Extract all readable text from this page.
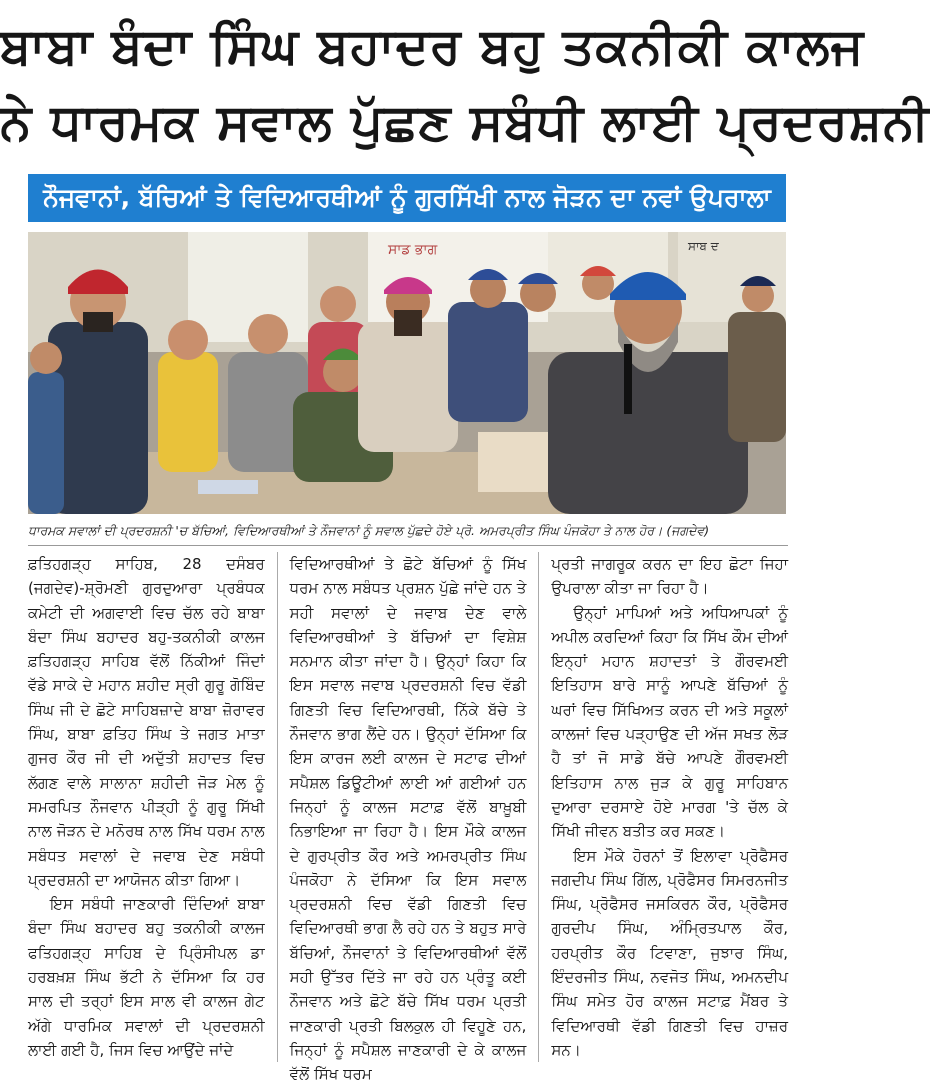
ਬਾਬਾ ਬੰਦਾ ਸਿੰਘ ਬਹਾਦਰ ਬਹੁ ਤਕਨੀਕੀ ਕਾਲਜ
ਨੇ ਧਾਰਮਕ ਸਵਾਲ ਪੁੱਛਣ ਸਬੰਧੀ ਲਾਈ ਪ੍ਰਦਰਸ਼ਨੀ
ਨੌਜਵਾਨਾਂ, ਬੱਚਿਆਂ ਤੇ ਵਿਦਿਆਰਥੀਆਂ ਨੂੰ ਗੁਰਸਿੱਖੀ ਨਾਲ ਜੋੜਨ ਦਾ ਨਵਾਂ ਉਪਰਾਲਾ
ਸਾਡ ਭਾਗ	ਸਾਬ ਦ
ਧਾਰਮਕ ਸਵਾਲਾਂ ਦੀ ਪ੍ਰਦਰਸ਼ਨੀ 'ਚ ਬੱਚਿਆਂ, ਵਿਦਿਆਰਥੀਆਂ ਤੇ ਨੌਜਵਾਨਾਂ ਨੂੰ ਸਵਾਲ ਪੁੱਛਦੇ ਹੋਏ ਪ੍ਰੋ. ਅਮਰਪ੍ਰੀਤ ਸਿੰਘ ਪੰਜਕੋਹਾ ਤੇ ਨਾਲ ਹੋਰ। (ਜਗਦੇਵ)

ਫ਼ਤਿਹਗੜ੍ਹ ਸਾਹਿਬ, 28 ਦਸੰਬਰ (ਜਗਦੇਵ)-ਸ਼੍ਰੋਮਣੀ ਗੁਰਦੁਆਰਾ ਪ੍ਰਬੰਧਕ ਕਮੇਟੀ ਦੀ ਅਗਵਾਈ ਵਿਚ ਚੱਲ ਰਹੇ ਬਾਬਾ ਬੰਦਾ ਸਿੰਘ ਬਹਾਦਰ ਬਹੁ-ਤਕਨੀਕੀ ਕਾਲਜ ਫ਼ਤਿਹਗੜ੍ਹ ਸਾਹਿਬ ਵੱਲੋਂ ਨਿੱਕੀਆਂ ਜਿੰਦਾਂ ਵੱਡੇ ਸਾਕੇ ਦੇ ਮਹਾਨ ਸ਼ਹੀਦ ਸ੍ਰੀ ਗੁਰੂ ਗੋਬਿੰਦ ਸਿੰਘ ਜੀ ਦੇ ਛੋਟੇ ਸਾਹਿਬਜ਼ਾਦੇ ਬਾਬਾ ਜ਼ੋਰਾਵਰ ਸਿੰਘ, ਬਾਬਾ ਫ਼ਤਿਹ ਸਿੰਘ ਤੇ ਜਗਤ ਮਾਤਾ ਗੁਜਰ ਕੌਰ ਜੀ ਦੀ ਅਦੁੱਤੀ ਸ਼ਹਾਦਤ ਵਿਚ ਲੱਗਣ ਵਾਲੇ ਸਾਲਾਨਾ ਸ਼ਹੀਦੀ ਜੋੜ ਮੇਲ ਨੂੰ ਸਮਰਪਿਤ ਨੌਜਵਾਨ ਪੀੜ੍ਹੀ ਨੂੰ ਗੁਰੂ ਸਿੱਖੀ ਨਾਲ ਜੋੜਨ ਦੇ ਮਨੋਰਥ ਨਾਲ ਸਿੱਖ ਧਰਮ ਨਾਲ ਸਬੰਧਤ ਸਵਾਲਾਂ ਦੇ ਜਵਾਬ ਦੇਣ ਸਬੰਧੀ ਪ੍ਰਦਰਸ਼ਨੀ ਦਾ ਆਯੋਜਨ ਕੀਤਾ ਗਿਆ।

ਇਸ ਸਬੰਧੀ ਜਾਣਕਾਰੀ ਦਿੰਦਿਆਂ ਬਾਬਾ ਬੰਦਾ ਸਿੰਘ ਬਹਾਦਰ ਬਹੁ ਤਕਨੀਕੀ ਕਾਲਜ ਫਤਿਹਗੜ੍ਹ ਸਾਹਿਬ ਦੇ ਪ੍ਰਿੰਸੀਪਲ ਡਾ ਹਰਬਖ਼ਸ਼ ਸਿੰਘ ਭੱਟੀ ਨੇ ਦੱਸਿਆ ਕਿ ਹਰ ਸਾਲ ਦੀ ਤਰ੍ਹਾਂ ਇਸ ਸਾਲ ਵੀ ਕਾਲਜ ਗੇਟ ਅੱਗੇ ਧਾਰਮਿਕ ਸਵਾਲਾਂ ਦੀ ਪ੍ਰਦਰਸ਼ਨੀ ਲਾਈ ਗਈ ਹੈ, ਜਿਸ ਵਿਚ ਆਉਂਦੇ ਜਾਂਦੇ

ਵਿਦਿਆਰਥੀਆਂ ਤੇ ਛੋਟੇ ਬੱਚਿਆਂ ਨੂੰ ਸਿੱਖ ਧਰਮ ਨਾਲ ਸਬੰਧਤ ਪ੍ਰਸ਼ਨ ਪੁੱਛੇ ਜਾਂਦੇ ਹਨ ਤੇ ਸਹੀ ਸਵਾਲਾਂ ਦੇ ਜਵਾਬ ਦੇਣ ਵਾਲੇ ਵਿਦਿਆਰਥੀਆਂ ਤੇ ਬੱਚਿਆਂ ਦਾ ਵਿਸ਼ੇਸ਼ ਸਨਮਾਨ ਕੀਤਾ ਜਾਂਦਾ ਹੈ। ਉਨ੍ਹਾਂ ਕਿਹਾ ਕਿ ਇਸ ਸਵਾਲ ਜਵਾਬ ਪ੍ਰਦਰਸ਼ਨੀ ਵਿਚ ਵੱਡੀ ਗਿਣਤੀ ਵਿਚ ਵਿਦਿਆਰਥੀ, ਨਿੱਕੇ ਬੱਚੇ ਤੇ ਨੌਜਵਾਨ ਭਾਗ ਲੈਂਦੇ ਹਨ। ਉਨ੍ਹਾਂ ਦੱਸਿਆ ਕਿ ਇਸ ਕਾਰਜ ਲਈ ਕਾਲਜ ਦੇ ਸਟਾਫ ਦੀਆਂ ਸਪੈਸ਼ਲ ਡਿਊਟੀਆਂ ਲਾਈ ਆਂ ਗਈਆਂ ਹਨ ਜਿਨ੍ਹਾਂ ਨੂੰ ਕਾਲਜ ਸਟਾਫ਼ ਵੱਲੋਂ ਬਾਖ਼ੂਬੀ ਨਿਭਾਇਆ ਜਾ ਰਿਹਾ ਹੈ। ਇਸ ਮੌਕੇ ਕਾਲਜ ਦੇ ਗੁਰਪ੍ਰੀਤ ਕੌਰ ਅਤੇ ਅਮਰਪ੍ਰੀਤ ਸਿੰਘ ਪੰਜਕੋਹਾ ਨੇ ਦੱਸਿਆ ਕਿ ਇਸ ਸਵਾਲ ਪ੍ਰਦਰਸ਼ਨੀ ਵਿਚ ਵੱਡੀ ਗਿਣਤੀ ਵਿਚ ਵਿਦਿਆਰਥੀ ਭਾਗ ਲੈ ਰਹੇ ਹਨ ਤੇ ਬਹੁਤ ਸਾਰੇ ਬੱਚਿਆਂ, ਨੌਜਵਾਨਾਂ ਤੇ ਵਿਦਿਆਰਥੀਆਂ ਵੱਲੋਂ ਸਹੀ ਉੱਤਰ ਦਿੱਤੇ ਜਾ ਰਹੇ ਹਨ ਪ੍ਰੰਤੂ ਕਈ ਨੌਜਵਾਨ ਅਤੇ ਛੋਟੇ ਬੱਚੇ ਸਿੱਖ ਧਰਮ ਪ੍ਰਤੀ ਜਾਣਕਾਰੀ ਪ੍ਰਤੀ ਬਿਲਕੁਲ ਹੀ ਵਿਹੂਣੇ ਹਨ, ਜਿਨ੍ਹਾਂ ਨੂੰ ਸਪੈਸ਼ਲ ਜਾਣਕਾਰੀ ਦੇ ਕੇ ਕਾਲਜ ਵੱਲੋਂ ਸਿੱਖ ਧਰਮ

ਪ੍ਰਤੀ ਜਾਗਰੂਕ ਕਰਨ ਦਾ ਇਹ ਛੋਟਾ ਜਿਹਾ ਉਪਰਾਲਾ ਕੀਤਾ ਜਾ ਰਿਹਾ ਹੈ।

ਉਨ੍ਹਾਂ ਮਾਪਿਆਂ ਅਤੇ ਅਧਿਆਪਕਾਂ ਨੂੰ ਅਪੀਲ ਕਰਦਿਆਂ ਕਿਹਾ ਕਿ ਸਿੱਖ ਕੌਮ ਦੀਆਂ ਇਨ੍ਹਾਂ ਮਹਾਨ ਸ਼ਹਾਦਤਾਂ ਤੇ ਗੌਰਵਮਈ ਇਤਿਹਾਸ ਬਾਰੇ ਸਾਨੂੰ ਆਪਣੇ ਬੱਚਿਆਂ ਨੂੰ ਘਰਾਂ ਵਿਚ ਸਿੱਖਿਅਤ ਕਰਨ ਦੀ ਅਤੇ ਸਕੂਲਾਂ ਕਾਲਜਾਂ ਵਿਚ ਪੜ੍ਹਾਉਣ ਦੀ ਅੱਜ ਸਖਤ ਲੋੜ ਹੈ ਤਾਂ ਜੋ ਸਾਡੇ ਬੱਚੇ ਆਪਣੇ ਗੌਰਵਮਈ ਇਤਿਹਾਸ ਨਾਲ ਜੁੜ ਕੇ ਗੁਰੂ ਸਾਹਿਬਾਨ ਦੁਆਰਾ ਦਰਸਾਏ ਹੋਏ ਮਾਰਗ 'ਤੇ ਚੱਲ ਕੇ ਸਿੱਖੀ ਜੀਵਨ ਬਤੀਤ ਕਰ ਸਕਣ।

ਇਸ ਮੌਕੇ ਹੋਰਨਾਂ ਤੋਂ ਇਲਾਵਾ ਪ੍ਰੋਫੈਸਰ ਜਗਦੀਪ ਸਿੰਘ ਗਿੱਲ, ਪ੍ਰੋਫੈਸਰ ਸਿਮਰਨਜੀਤ ਸਿੰਘ, ਪ੍ਰੋਫੈਸਰ ਜਸਕਿਰਨ ਕੌਰ, ਪ੍ਰੋਫੈਸਰ ਗੁਰਦੀਪ ਸਿੰਘ, ਅੰਮ੍ਰਿਤਪਾਲ ਕੌਰ, ਹਰਪ੍ਰੀਤ ਕੌਰ ਟਿਵਾਣਾ, ਜੁਝਾਰ ਸਿੰਘ, ਇੰਦਰਜੀਤ ਸਿੰਘ, ਨਵਜੋਤ ਸਿੰਘ, ਅਮਨਦੀਪ ਸਿੰਘ ਸਮੇਤ ਹੋਰ ਕਾਲਜ ਸਟਾਫ਼ ਮੈਂਬਰ ਤੇ ਵਿਦਿਆਰਥੀ ਵੱਡੀ ਗਿਣਤੀ ਵਿਚ ਹਾਜ਼ਰ ਸਨ।
